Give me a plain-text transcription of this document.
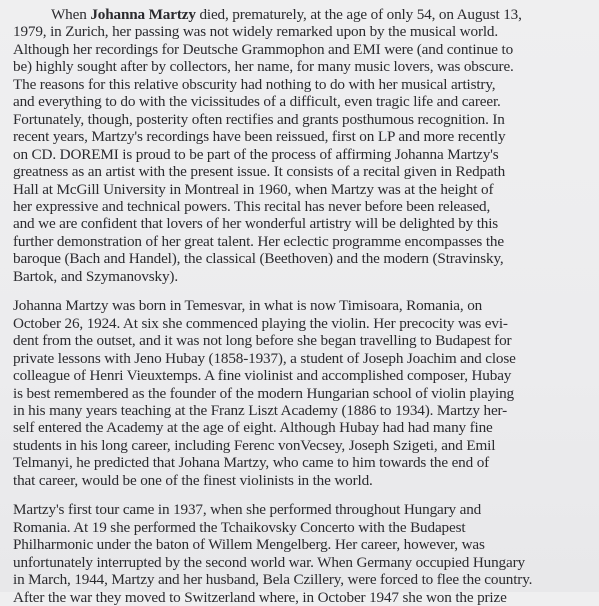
When Johanna Martzy died, prematurely, at the age of only 54, on August 13,
1979, in Zurich, her passing was not widely remarked upon by the musical world.
Although her recordings for Deutsche Grammophon and EMI were (and continue to
be) highly sought after by collectors, her name, for many music lovers, was obscure.
The reasons for this relative obscurity had nothing to do with her musical artistry,
and everything to do with the vicissitudes of a difficult, even tragic life and career.
Fortunately, though, posterity often rectifies and grants posthumous recognition. In
recent years, Martzy's recordings have been reissued, first on LP and more recently
on CD. DOREMI is proud to be part of the process of affirming Johanna Martzy's
greatness as an artist with the present issue. It consists of a recital given in Redpath
Hall at McGill University in Montreal in 1960, when Martzy was at the height of
her expressive and technical powers. This recital has never before been released,
and we are confident that lovers of her wonderful artistry will be delighted by this
further demonstration of her great talent. Her eclectic programme encompasses the
baroque (Bach and Handel), the classical (Beethoven) and the modern (Stravinsky,
Bartok, and Szymanovsky).

Johanna Martzy was born in Temesvar, in what is now Timisoara, Romania, on
October 26, 1924. At six she commenced playing the violin. Her precocity was evi-
dent from the outset, and it was not long before she began travelling to Budapest for
private lessons with Jeno Hubay (1858-1937), a student of Joseph Joachim and close
colleague of Henri Vieuxtemps. A fine violinist and accomplished composer, Hubay
is best remembered as the founder of the modern Hungarian school of violin playing
in his many years teaching at the Franz Liszt Academy (1886 to 1934). Martzy her-
self entered the Academy at the age of eight. Although Hubay had had many fine
students in his long career, including Ferenc vonVecsey, Joseph Szigeti, and Emil
Telmanyi, he predicted that Johana Martzy, who came to him towards the end of
that career, would be one of the finest violinists in the world.

Martzy's first tour came in 1937, when she performed throughout Hungary and
Romania. At 19 she performed the Tchaikovsky Concerto with the Budapest
Philharmonic under the baton of Willem Mengelberg. Her career, however, was
unfortunately interrupted by the second world war. When Germany occupied Hungary
in March, 1944, Martzy and her husband, Bela Czillery, were forced to flee the country.
After the war they moved to Switzerland where, in October 1947 she won the prize
